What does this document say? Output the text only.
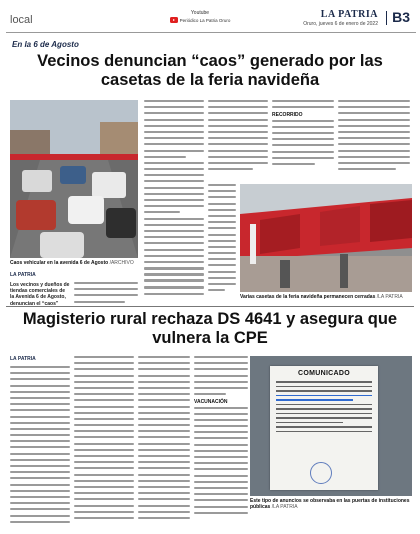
local
Youtube
Periódico La Patria Oruro	LA PATRIA
Oruro, jueves 6 de enero de 2022 B3
En la 6 de Agosto
Vecinos denuncian “caos” generado por las casetas de la feria navideña
Caos vehicular en la avenida 6 de Agosto /ARCHIVO
LA PATRIA
Los vecinos y dueños de tiendas comerciales de la Avenida 6 de Agosto, denuncian el “caos”
RECORRIDO
Varias casetas de la feria navideña permanecen cerradas /LA PATRIA
Magisterio rural rechaza DS 4641 y asegura que vulnera la CPE
LA PATRIA
VACUNACIÓN
COMUNICADO
Este tipo de anuncios se observaba en las puertas de instituciones públicas /LA PATRIA
